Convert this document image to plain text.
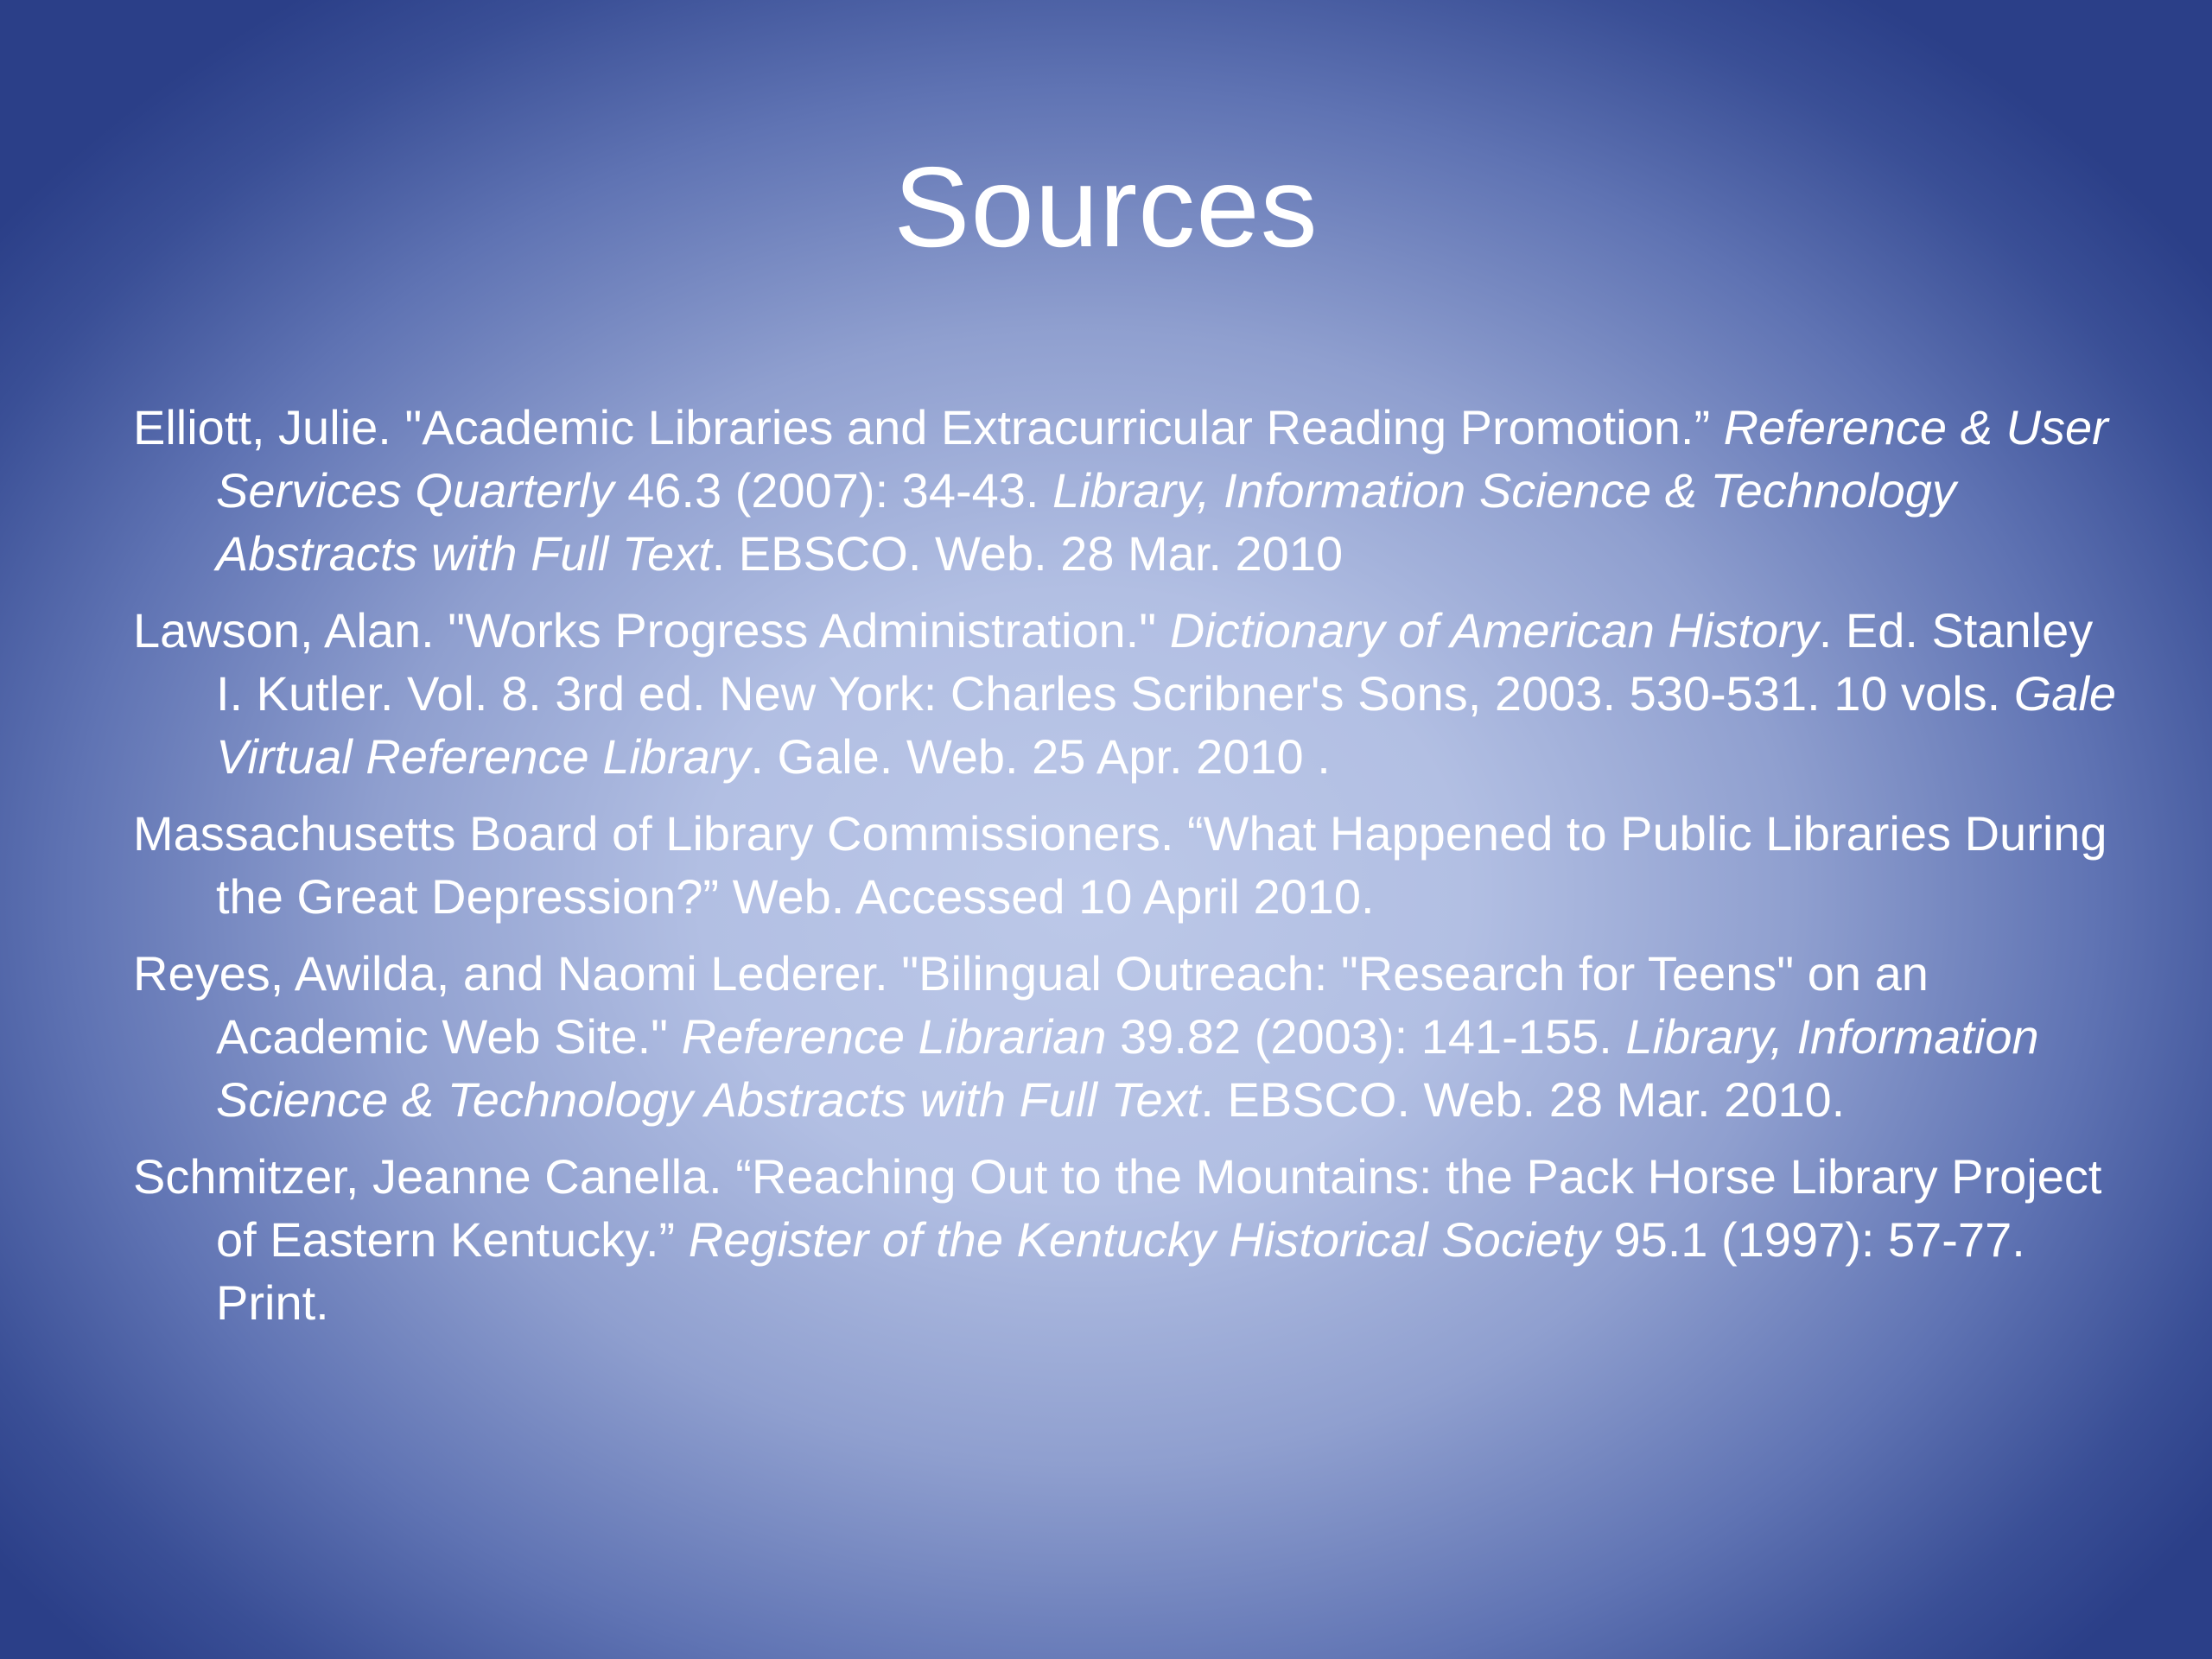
Sources
Elliott, Julie. "Academic Libraries and Extracurricular Reading Promotion.” Reference & User Services Quarterly 46.3 (2007): 34-43. Library, Information Science & Technology Abstracts with Full Text. EBSCO. Web. 28 Mar. 2010
Lawson, Alan. "Works Progress Administration." Dictionary of American History. Ed. Stanley I. Kutler. Vol. 8. 3rd ed. New York: Charles Scribner's Sons, 2003. 530-531. 10 vols. Gale Virtual Reference Library. Gale. Web. 25 Apr. 2010 .
Massachusetts Board of Library Commissioners. “What Happened to Public Libraries During the Great Depression?” Web. Accessed 10 April 2010.
Reyes, Awilda, and Naomi Lederer. "Bilingual Outreach: "Research for Teens" on an Academic Web Site." Reference Librarian 39.82 (2003): 141-155. Library, Information Science & Technology Abstracts with Full Text. EBSCO. Web. 28 Mar. 2010.
Schmitzer, Jeanne Canella. “Reaching Out to the Mountains: the Pack Horse Library Project of Eastern Kentucky.” Register of the Kentucky Historical Society 95.1 (1997): 57-77. Print.
